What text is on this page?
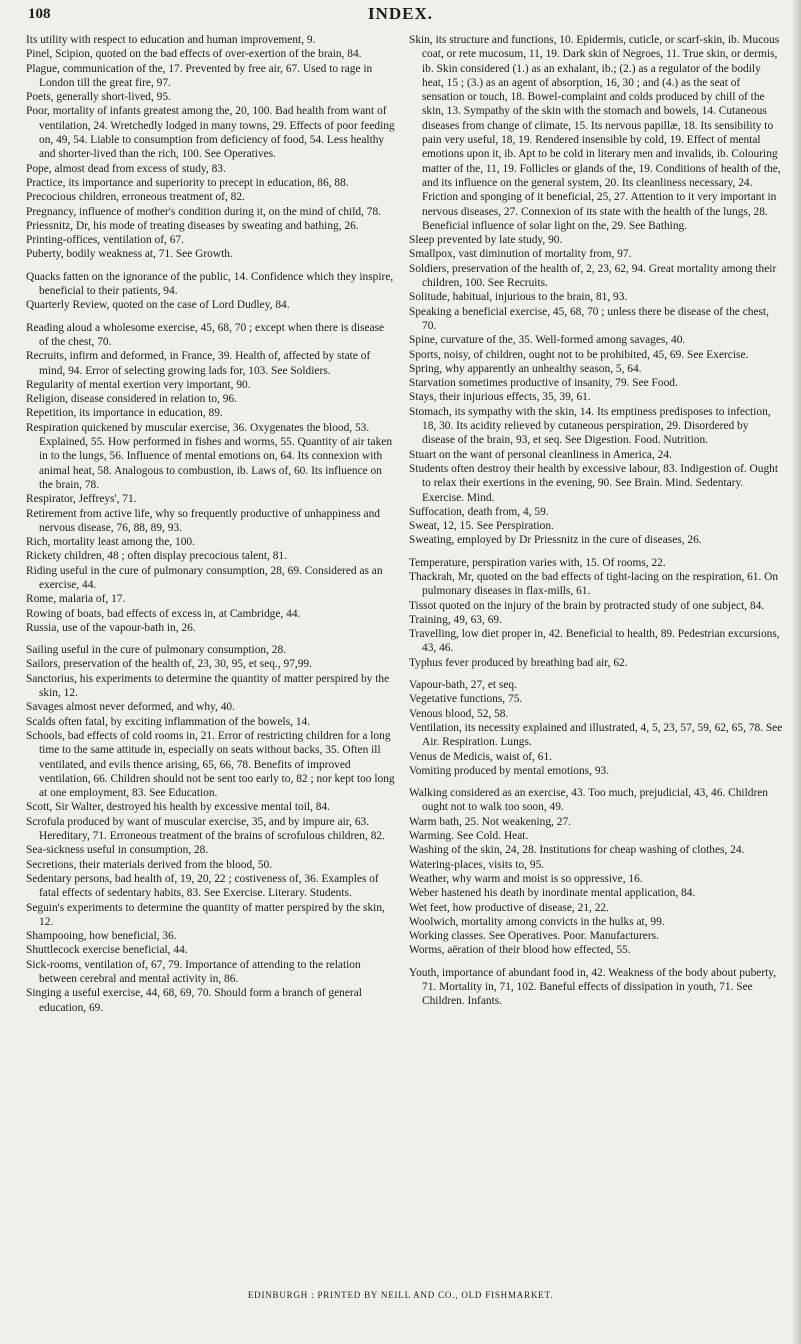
108	INDEX.

Its utility with respect to education and human improvement, 9.

Pinel, Scipion, quoted on the bad effects of over-exertion of the brain, 84.

Plague, communication of the, 17. Prevented by free air, 67. Used to rage in London till the great fire, 97.

Poets, generally short-lived, 95.

Poor, mortality of infants greatest among the, 20, 100. Bad health from want of ventilation, 24. Wretchedly lodged in many towns, 29. Effects of poor feeding on, 49, 54. Liable to consumption from deficiency of food, 54. Less healthy and shorter-lived than the rich, 100. See Operatives.

Pope, almost dead from excess of study, 83.

Practice, its importance and superiority to precept in education, 86, 88.

Precocious children, erroneous treatment of, 82.

Pregnancy, influence of mother's condition during it, on the mind of child, 78.

Priessnitz, Dr, his mode of treating diseases by sweating and bathing, 26.

Printing-offices, ventilation of, 67.

Puberty, bodily weakness at, 71. See Growth.

Quacks fatten on the ignorance of the public, 14. Confidence which they inspire, beneficial to their patients, 94.

Quarterly Review, quoted on the case of Lord Dudley, 84.

Reading aloud a wholesome exercise, 45, 68, 70 ; except when there is disease of the chest, 70.

Recruits, infirm and deformed, in France, 39. Health of, affected by state of mind, 94. Error of selecting growing lads for, 103. See Soldiers.

Regularity of mental exertion very important, 90.

Religion, disease considered in relation to, 96.

Repetition, its importance in education, 89.

Respiration quickened by muscular exercise, 36. Oxygenates the blood, 53. Explained, 55. How performed in fishes and worms, 55. Quantity of air taken in to the lungs, 56. Influence of mental emotions on, 64. Its connexion with animal heat, 58. Analogous to combustion, ib. Laws of, 60. Its influence on the brain, 78.

Respirator, Jeffreys', 71.

Retirement from active life, why so frequently productive of unhappiness and nervous disease, 76, 88, 89, 93.

Rich, mortality least among the, 100.

Rickety children, 48 ; often display precocious talent, 81.

Riding useful in the cure of pulmonary consumption, 28, 69. Considered as an exercise, 44.

Rome, malaria of, 17.

Rowing of boats, bad effects of excess in, at Cambridge, 44.

Russia, use of the vapour-bath in, 26.

Sailing useful in the cure of pulmonary consumption, 28.

Sailors, preservation of the health of, 23, 30, 95, et seq., 97,99.

Sanctorius, his experiments to determine the quantity of matter perspired by the skin, 12.

Savages almost never deformed, and why, 40.

Scalds often fatal, by exciting inflammation of the bowels, 14.

Schools, bad effects of cold rooms in, 21. Error of restricting children for a long time to the same attitude in, especially on seats without backs, 35. Often ill ventilated, and evils thence arising, 65, 66, 78. Benefits of improved ventilation, 66. Children should not be sent too early to, 82 ; nor kept too long at one employment, 83. See Education.

Scott, Sir Walter, destroyed his health by excessive mental toil, 84.

Scrofula produced by want of muscular exercise, 35, and by impure air, 63. Hereditary, 71. Erroneous treatment of the brains of scrofulous children, 82.

Sea-sickness useful in consumption, 28.

Secretions, their materials derived from the blood, 50.

Sedentary persons, bad health of, 19, 20, 22 ; costiveness of, 36. Examples of fatal effects of sedentary habits, 83. See Exercise. Literary. Students.

Seguin's experiments to determine the quantity of matter perspired by the skin, 12.

Shampooing, how beneficial, 36.

Shuttlecock exercise beneficial, 44.

Sick-rooms, ventilation of, 67, 79. Importance of attending to the relation between cerebral and mental activity in, 86.

Singing a useful exercise, 44, 68, 69, 70. Should form a branch of general education, 69.

Skin, its structure and functions, 10. Epidermis, cuticle, or scarf-skin, ib. Mucous coat, or rete mucosum, 11, 19. Dark skin of Negroes, 11. True skin, or dermis, ib. Skin considered (1.) as an exhalant, ib.; (2.) as a regulator of the bodily heat, 15 ; (3.) as an agent of absorption, 16, 30 ; and (4.) as the seat of sensation or touch, 18. Bowel-complaint and colds produced by chill of the skin, 13. Sympathy of the skin with the stomach and bowels, 14. Cutaneous diseases from change of climate, 15. Its nervous papillæ, 18. Its sensibility to pain very useful, 18, 19. Rendered insensible by cold, 19. Effect of mental emotions upon it, ib. Apt to be cold in literary men and invalids, ib. Colouring matter of the, 11, 19. Follicles or glands of the, 19. Conditions of health of the, and its influence on the general system, 20. Its cleanliness necessary, 24. Friction and sponging of it beneficial, 25, 27. Attention to it very important in nervous diseases, 27. Connexion of its state with the health of the lungs, 28. Beneficial influence of solar light on the, 29. See Bathing.

Sleep prevented by late study, 90.

Smallpox, vast diminution of mortality from, 97.

Soldiers, preservation of the health of, 2, 23, 62, 94. Great mortality among their children, 100. See Recruits.

Solitude, habitual, injurious to the brain, 81, 93.

Speaking a beneficial exercise, 45, 68, 70 ; unless there be disease of the chest, 70.

Spine, curvature of the, 35. Well-formed among savages, 40.

Sports, noisy, of children, ought not to be prohibited, 45, 69. See Exercise.

Spring, why apparently an unhealthy season, 5, 64.

Starvation sometimes productive of insanity, 79. See Food.

Stays, their injurious effects, 35, 39, 61.

Stomach, its sympathy with the skin, 14. Its emptiness predisposes to infection, 18, 30. Its acidity relieved by cutaneous perspiration, 29. Disordered by disease of the brain, 93, et seq. See Digestion. Food. Nutrition.

Stuart on the want of personal cleanliness in America, 24.

Students often destroy their health by excessive labour, 83. Indigestion of. Ought to relax their exertions in the evening, 90. See Brain. Mind. Sedentary. Exercise. Mind.

Suffocation, death from, 4, 59.

Sweat, 12, 15. See Perspiration.

Sweating, employed by Dr Priessnitz in the cure of diseases, 26.

Temperature, perspiration varies with, 15. Of rooms, 22.

Thackrah, Mr, quoted on the bad effects of tight-lacing on the respiration, 61. On pulmonary diseases in flax-mills, 61.

Tissot quoted on the injury of the brain by protracted study of one subject, 84.

Training, 49, 63, 69.

Travelling, low diet proper in, 42. Beneficial to health, 89. Pedestrian excursions, 43, 46.

Typhus fever produced by breathing bad air, 62.

Vapour-bath, 27, et seq.

Vegetative functions, 75.

Venous blood, 52, 58.

Ventilation, its necessity explained and illustrated, 4, 5, 23, 57, 59, 62, 65, 78. See Air. Respiration. Lungs.

Venus de Medicis, waist of, 61.

Vomiting produced by mental emotions, 93.

Walking considered as an exercise, 43. Too much, prejudicial, 43, 46. Children ought not to walk too soon, 49.

Warm bath, 25. Not weakening, 27.

Warming. See Cold. Heat.

Washing of the skin, 24, 28. Institutions for cheap washing of clothes, 24.

Watering-places, visits to, 95.

Weather, why warm and moist is so oppressive, 16.

Weber hastened his death by inordinate mental application, 84.

Wet feet, how productive of disease, 21, 22.

Woolwich, mortality among convicts in the hulks at, 99.

Working classes. See Operatives. Poor. Manufacturers.

Worms, aëration of their blood how effected, 55.

Youth, importance of abundant food in, 42. Weakness of the body about puberty, 71. Mortality in, 71, 102. Baneful effects of dissipation in youth, 71. See Children. Infants.

EDINBURGH : PRINTED BY NEILL AND CO., OLD FISHMARKET.
